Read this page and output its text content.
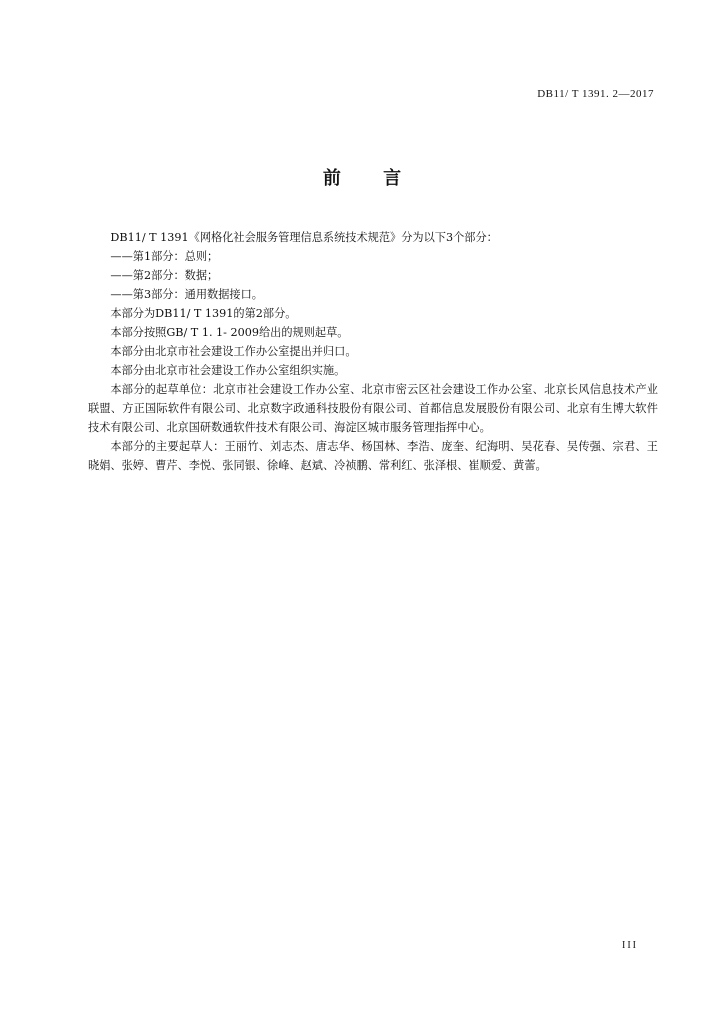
DB11/ T 1391. 2—2017
前 言
DB11/ T 1391《网格化社会服务管理信息系统技术规范》分为以下3个部分：
——第1部分：总则；
——第2部分：数据；
——第3部分：通用数据接口。
本部分为DB11/ T 1391的第2部分。
本部分按照GB/ T 1. 1- 2009给出的规则起草。
本部分由北京市社会建设工作办公室提出并归口。
本部分由北京市社会建设工作办公室组织实施。
本部分的起草单位：北京市社会建设工作办公室、北京市密云区社会建设工作办公室、北京长风信息技术产业联盟、方正国际软件有限公司、北京数字政通科技股份有限公司、首都信息发展股份有限公司、北京有生博大软件技术有限公司、北京国研数通软件技术有限公司、海淀区城市服务管理指挥中心。
本部分的主要起草人：王丽竹、刘志杰、唐志华、杨国林、李浩、庞奎、纪海明、吴花春、吴传强、宗君、王晓娟、张婷、曹芹、李悦、张同银、徐峰、赵斌、冷祯鹏、常利红、张泽根、崔顺爱、黄蕾。
III
